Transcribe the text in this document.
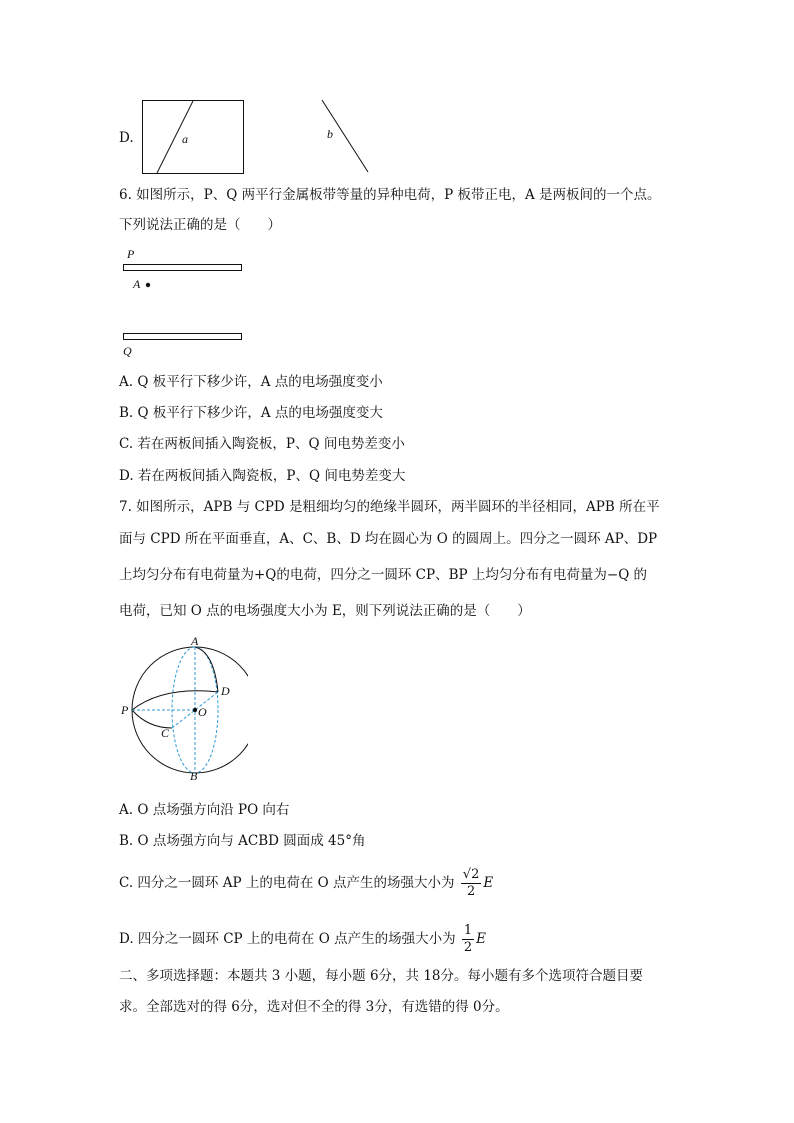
D.	a	b
6. 如图所示，P、Q 两平行金属板带等量的异种电荷，P 板带正电，A 是两板间的一个点。
下列说法正确的是（　　）
P
A
Q
A. Q 板平行下移少许，A 点的电场强度变小
B. Q 板平行下移少许，A 点的电场强度变大
C. 若在两板间插入陶瓷板，P、Q 间电势差变小
D. 若在两板间插入陶瓷板，P、Q 间电势差变大
7. 如图所示，APB 与 CPD 是粗细均匀的绝缘半圆环，两半圆环的半径相同，APB 所在平
面与 CPD 所在平面垂直，A、C、B、D 均在圆心为 O 的圆周上。四分之一圆环 AP、DP
上均匀分布有电荷量为+Q的电荷，四分之一圆环 CP、BP 上均匀分布有电荷量为−Q 的
电荷，已知 O 点的电场强度大小为 E，则下列说法正确的是（　　）
A
D
P	O
C
B
A. O 点场强方向沿 PO 向右
B. O 点场强方向与 ACBD 圆面成 45°角
C. 四分之一圆环 AP 上的电荷在 O 点产生的场强大小为 $\frac{√2}{2}$ E
D. 四分之一圆环 CP 上的电荷在 O 点产生的场强大小为 $\frac{1}{2}$ E
二、多项选择题：本题共 3 小题，每小题 6分，共 18分。每小题有多个选项符合题目要
求。全部选对的得 6分，选对但不全的得 3分，有选错的得 0分。
